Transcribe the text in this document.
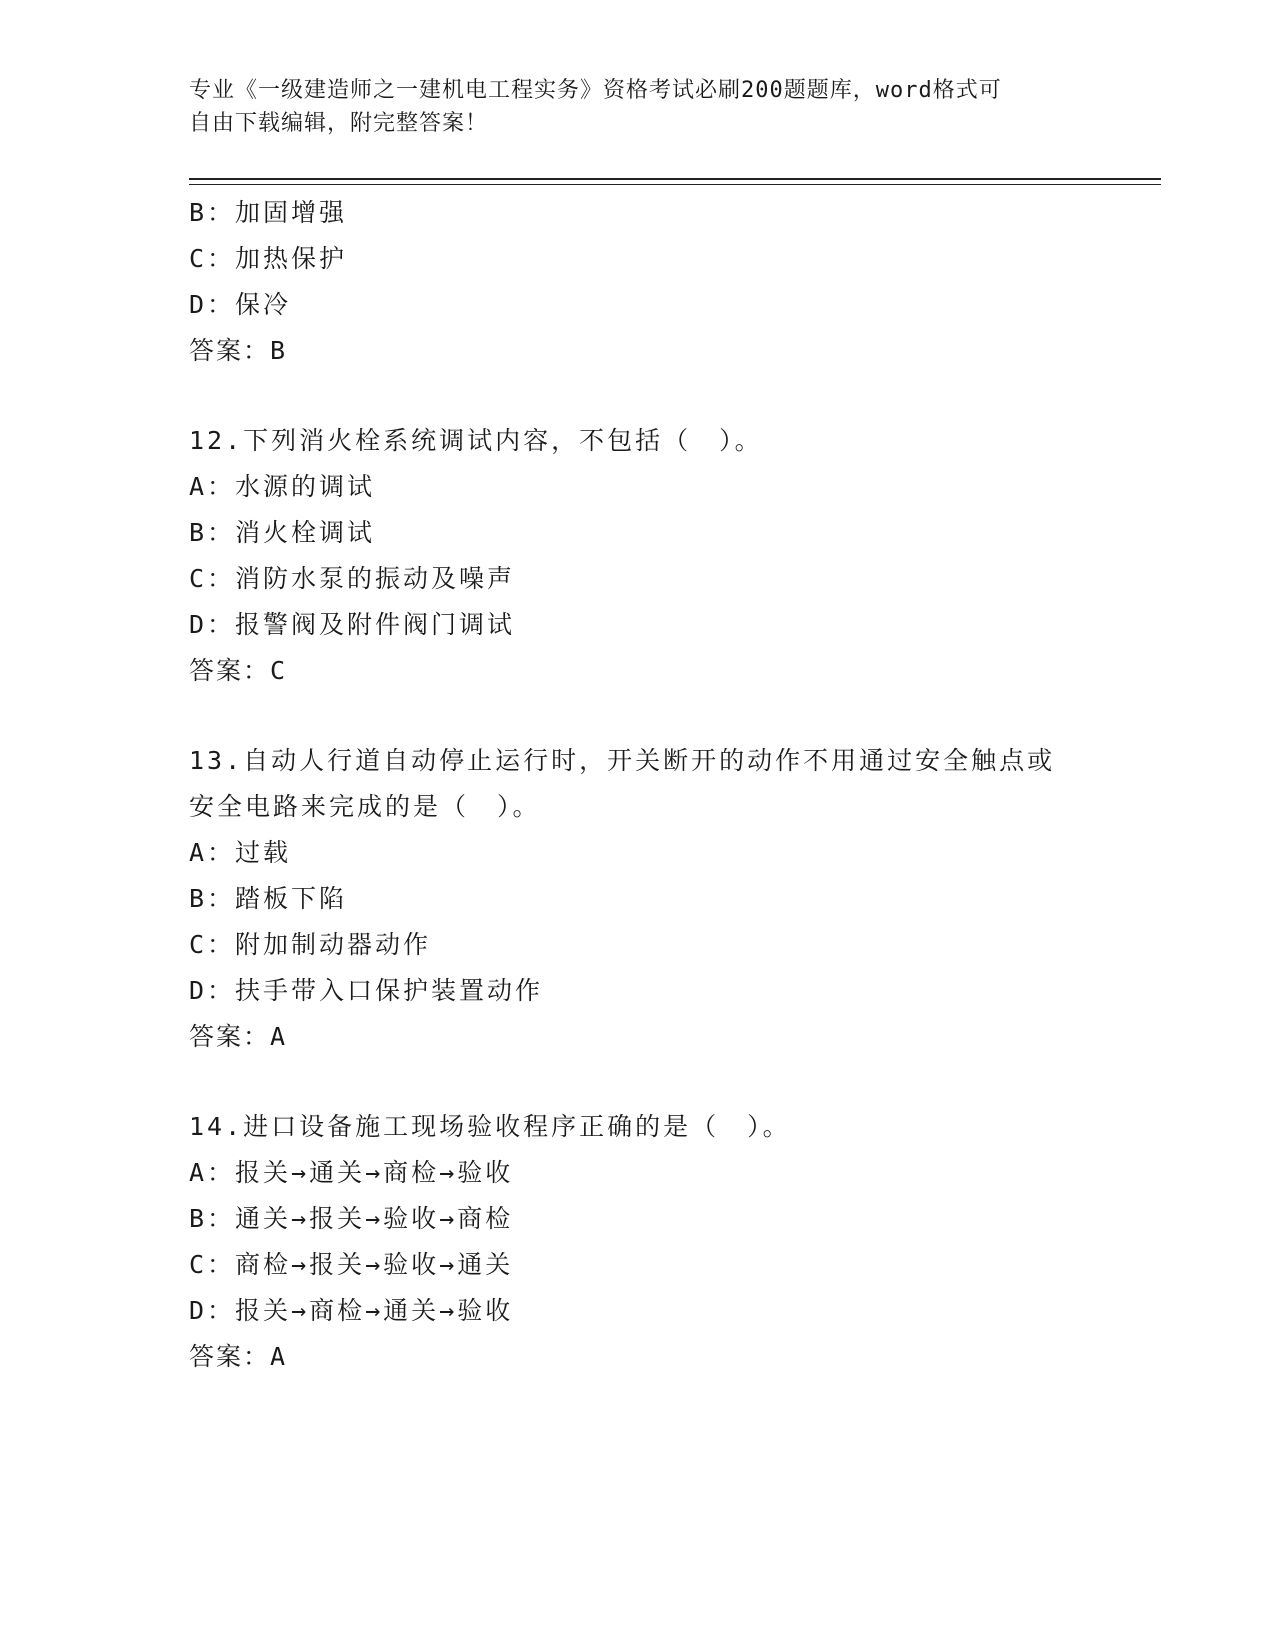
专业《一级建造师之一建机电工程实务》资格考试必刷200题题库，word格式可

自由下载编辑，附完整答案！

B：加固增强
C：加热保护
D：保冷
答案：B
12.下列消火栓系统调试内容，不包括（　）。
A：水源的调试
B：消火栓调试
C：消防水泵的振动及噪声
D：报警阀及附件阀门调试
答案：C
13.自动人行道自动停止运行时，开关断开的动作不用通过安全触点或
安全电路来完成的是（　）。
A：过载
B：踏板下陷
C：附加制动器动作
D：扶手带入口保护装置动作
答案：A
14.进口设备施工现场验收程序正确的是（　）。
A：报关→通关→商检→验收
B：通关→报关→验收→商检
C：商检→报关→验收→通关
D：报关→商检→通关→验收
答案：A
